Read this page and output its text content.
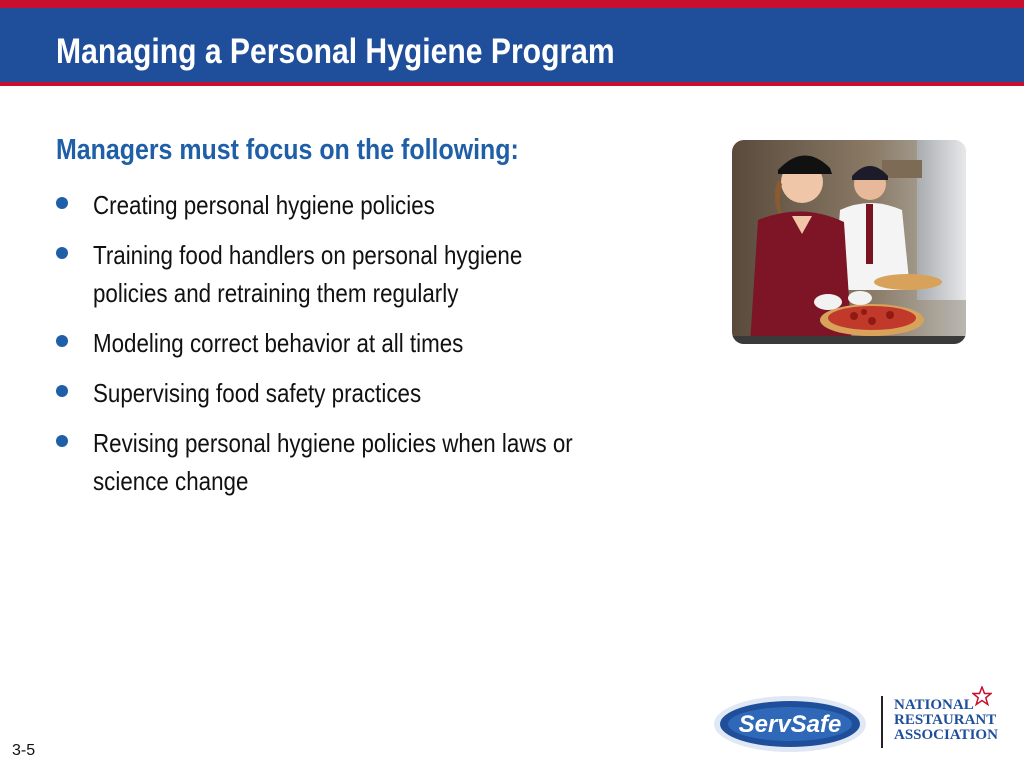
Managing a Personal Hygiene Program
Managers must focus on the following:
Creating personal hygiene policies
Training food handlers on personal hygiene policies and retraining them regularly
Modeling correct behavior at all times
Supervising food safety practices
Revising personal hygiene policies when laws or science change
3-5
ServSafe
NATIONAL
RESTAURANT
ASSOCIATION
